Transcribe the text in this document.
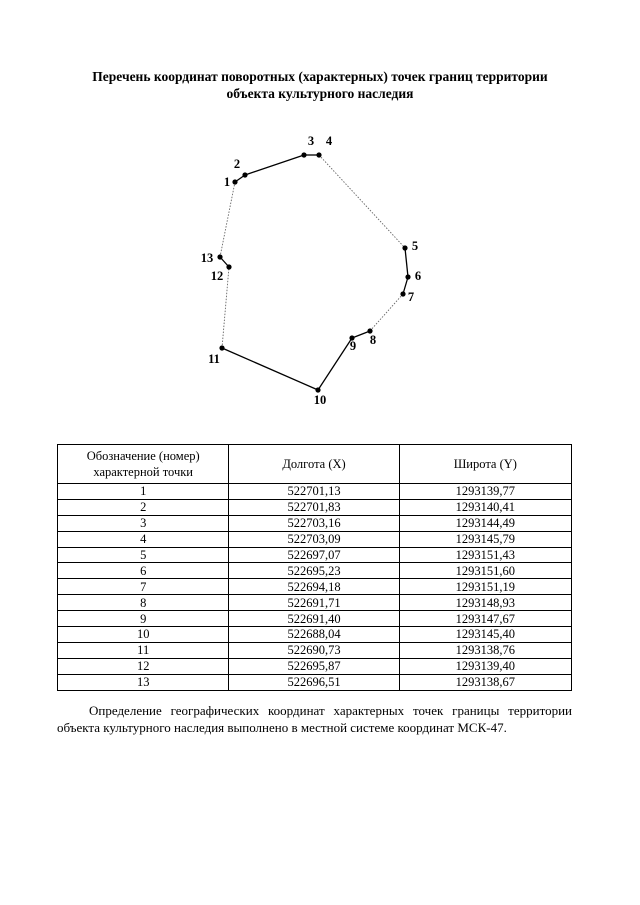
Перечень координат поворотных (характерных) точек границ территории
объекта культурного наследия
1
2
3 4
5
6
7
8
9
10
11
12
13
Обозначение (номер) характерной точки	Долгота (X)	Широта (Y)
1	522701,13	1293139,77
2	522701,83	1293140,41
3	522703,16	1293144,49
4	522703,09	1293145,79
5	522697,07	1293151,43
6	522695,23	1293151,60
7	522694,18	1293151,19
8	522691,71	1293148,93
9	522691,40	1293147,67
10	522688,04	1293145,40
11	522690,73	1293138,76
12	522695,87	1293139,40
13	522696,51	1293138,67
Определение географических координат характерных точек границы территории объекта культурного наследия выполнено в местной системе координат МСК-47.
